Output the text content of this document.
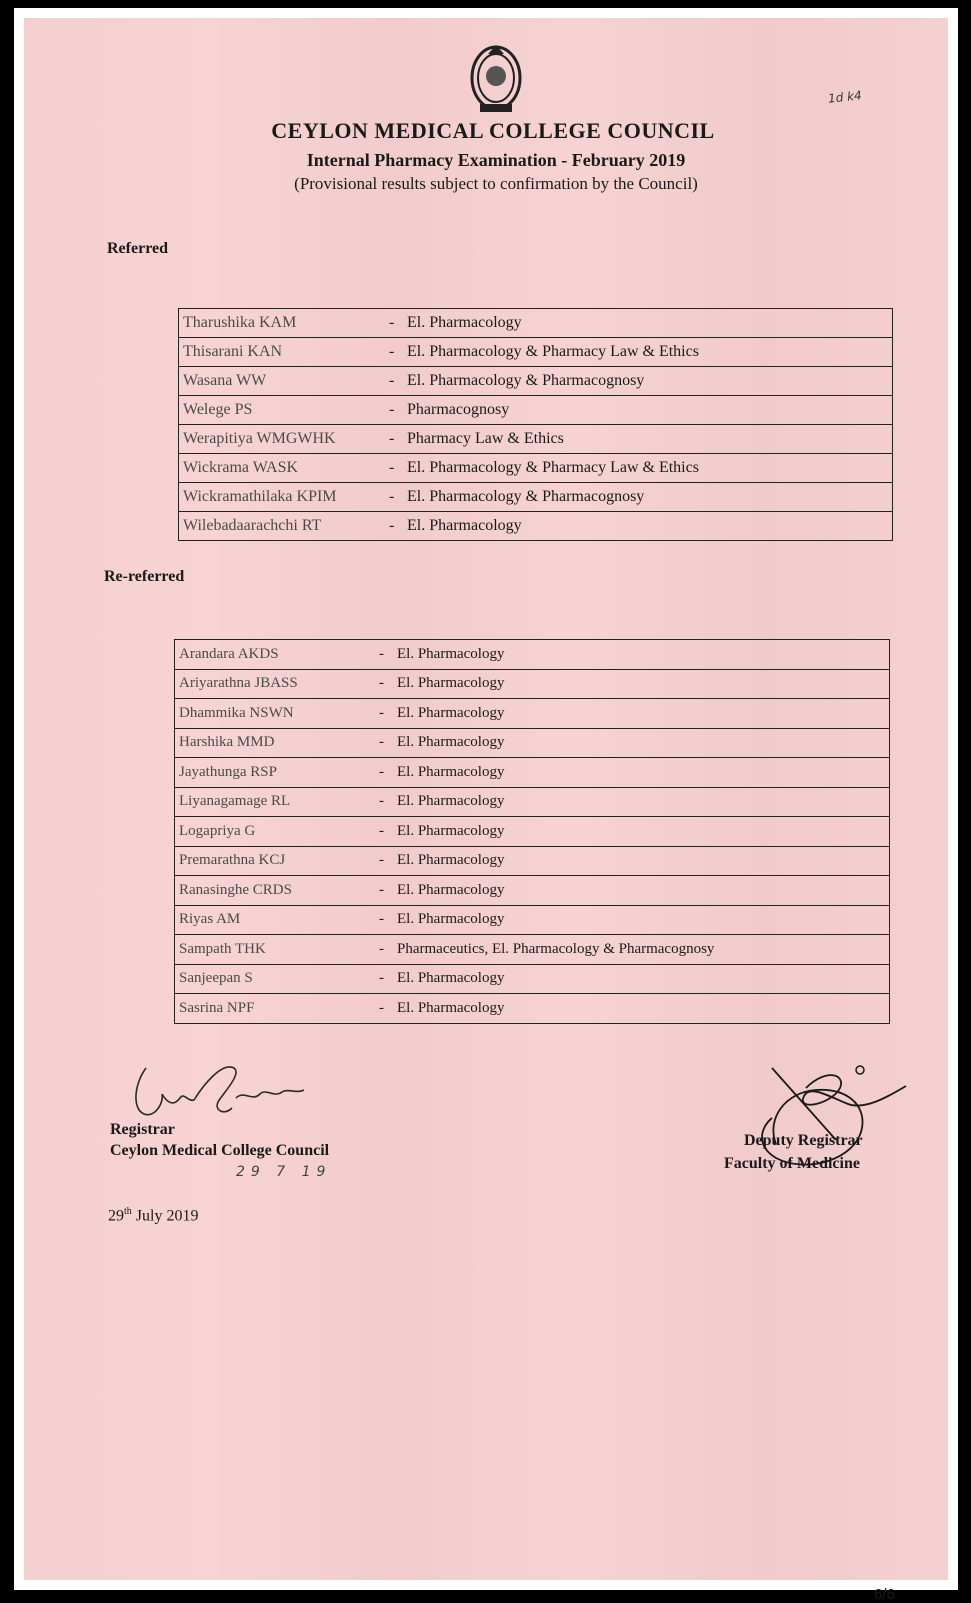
1d k4
CEYLON MEDICAL COLLEGE COUNCIL
Internal Pharmacy Examination - February 2019
(Provisional results subject to confirmation by the Council)
Referred
Tharushika KAM	- El. Pharmacology
Thisarani KAN	- El. Pharmacology & Pharmacy Law & Ethics
Wasana WW	- El. Pharmacology & Pharmacognosy
Welege PS	- Pharmacognosy
Werapitiya WMGWHK	- Pharmacy Law & Ethics
Wickrama WASK	- El. Pharmacology & Pharmacy Law & Ethics
Wickramathilaka KPIM	- El. Pharmacology & Pharmacognosy
Wilebadaarachchi RT	- El. Pharmacology
Re-referred
Arandara AKDS	- El. Pharmacology
Ariyarathna JBASS	- El. Pharmacology
Dhammika NSWN	- El. Pharmacology
Harshika MMD	- El. Pharmacology
Jayathunga RSP	- El. Pharmacology
Liyanagamage RL	- El. Pharmacology
Logapriya G	- El. Pharmacology
Premarathna KCJ	- El. Pharmacology
Ranasinghe CRDS	- El. Pharmacology
Riyas AM	- El. Pharmacology
Sampath THK	- Pharmaceutics, El. Pharmacology & Pharmacognosy
Sanjeepan S	- El. Pharmacology
Sasrina NPF	- El. Pharmacology
Registrar
Ceylon Medical College Council
29 7 19
29th July 2019
Deputy Registrar
Faculty of Medicine
6/6
